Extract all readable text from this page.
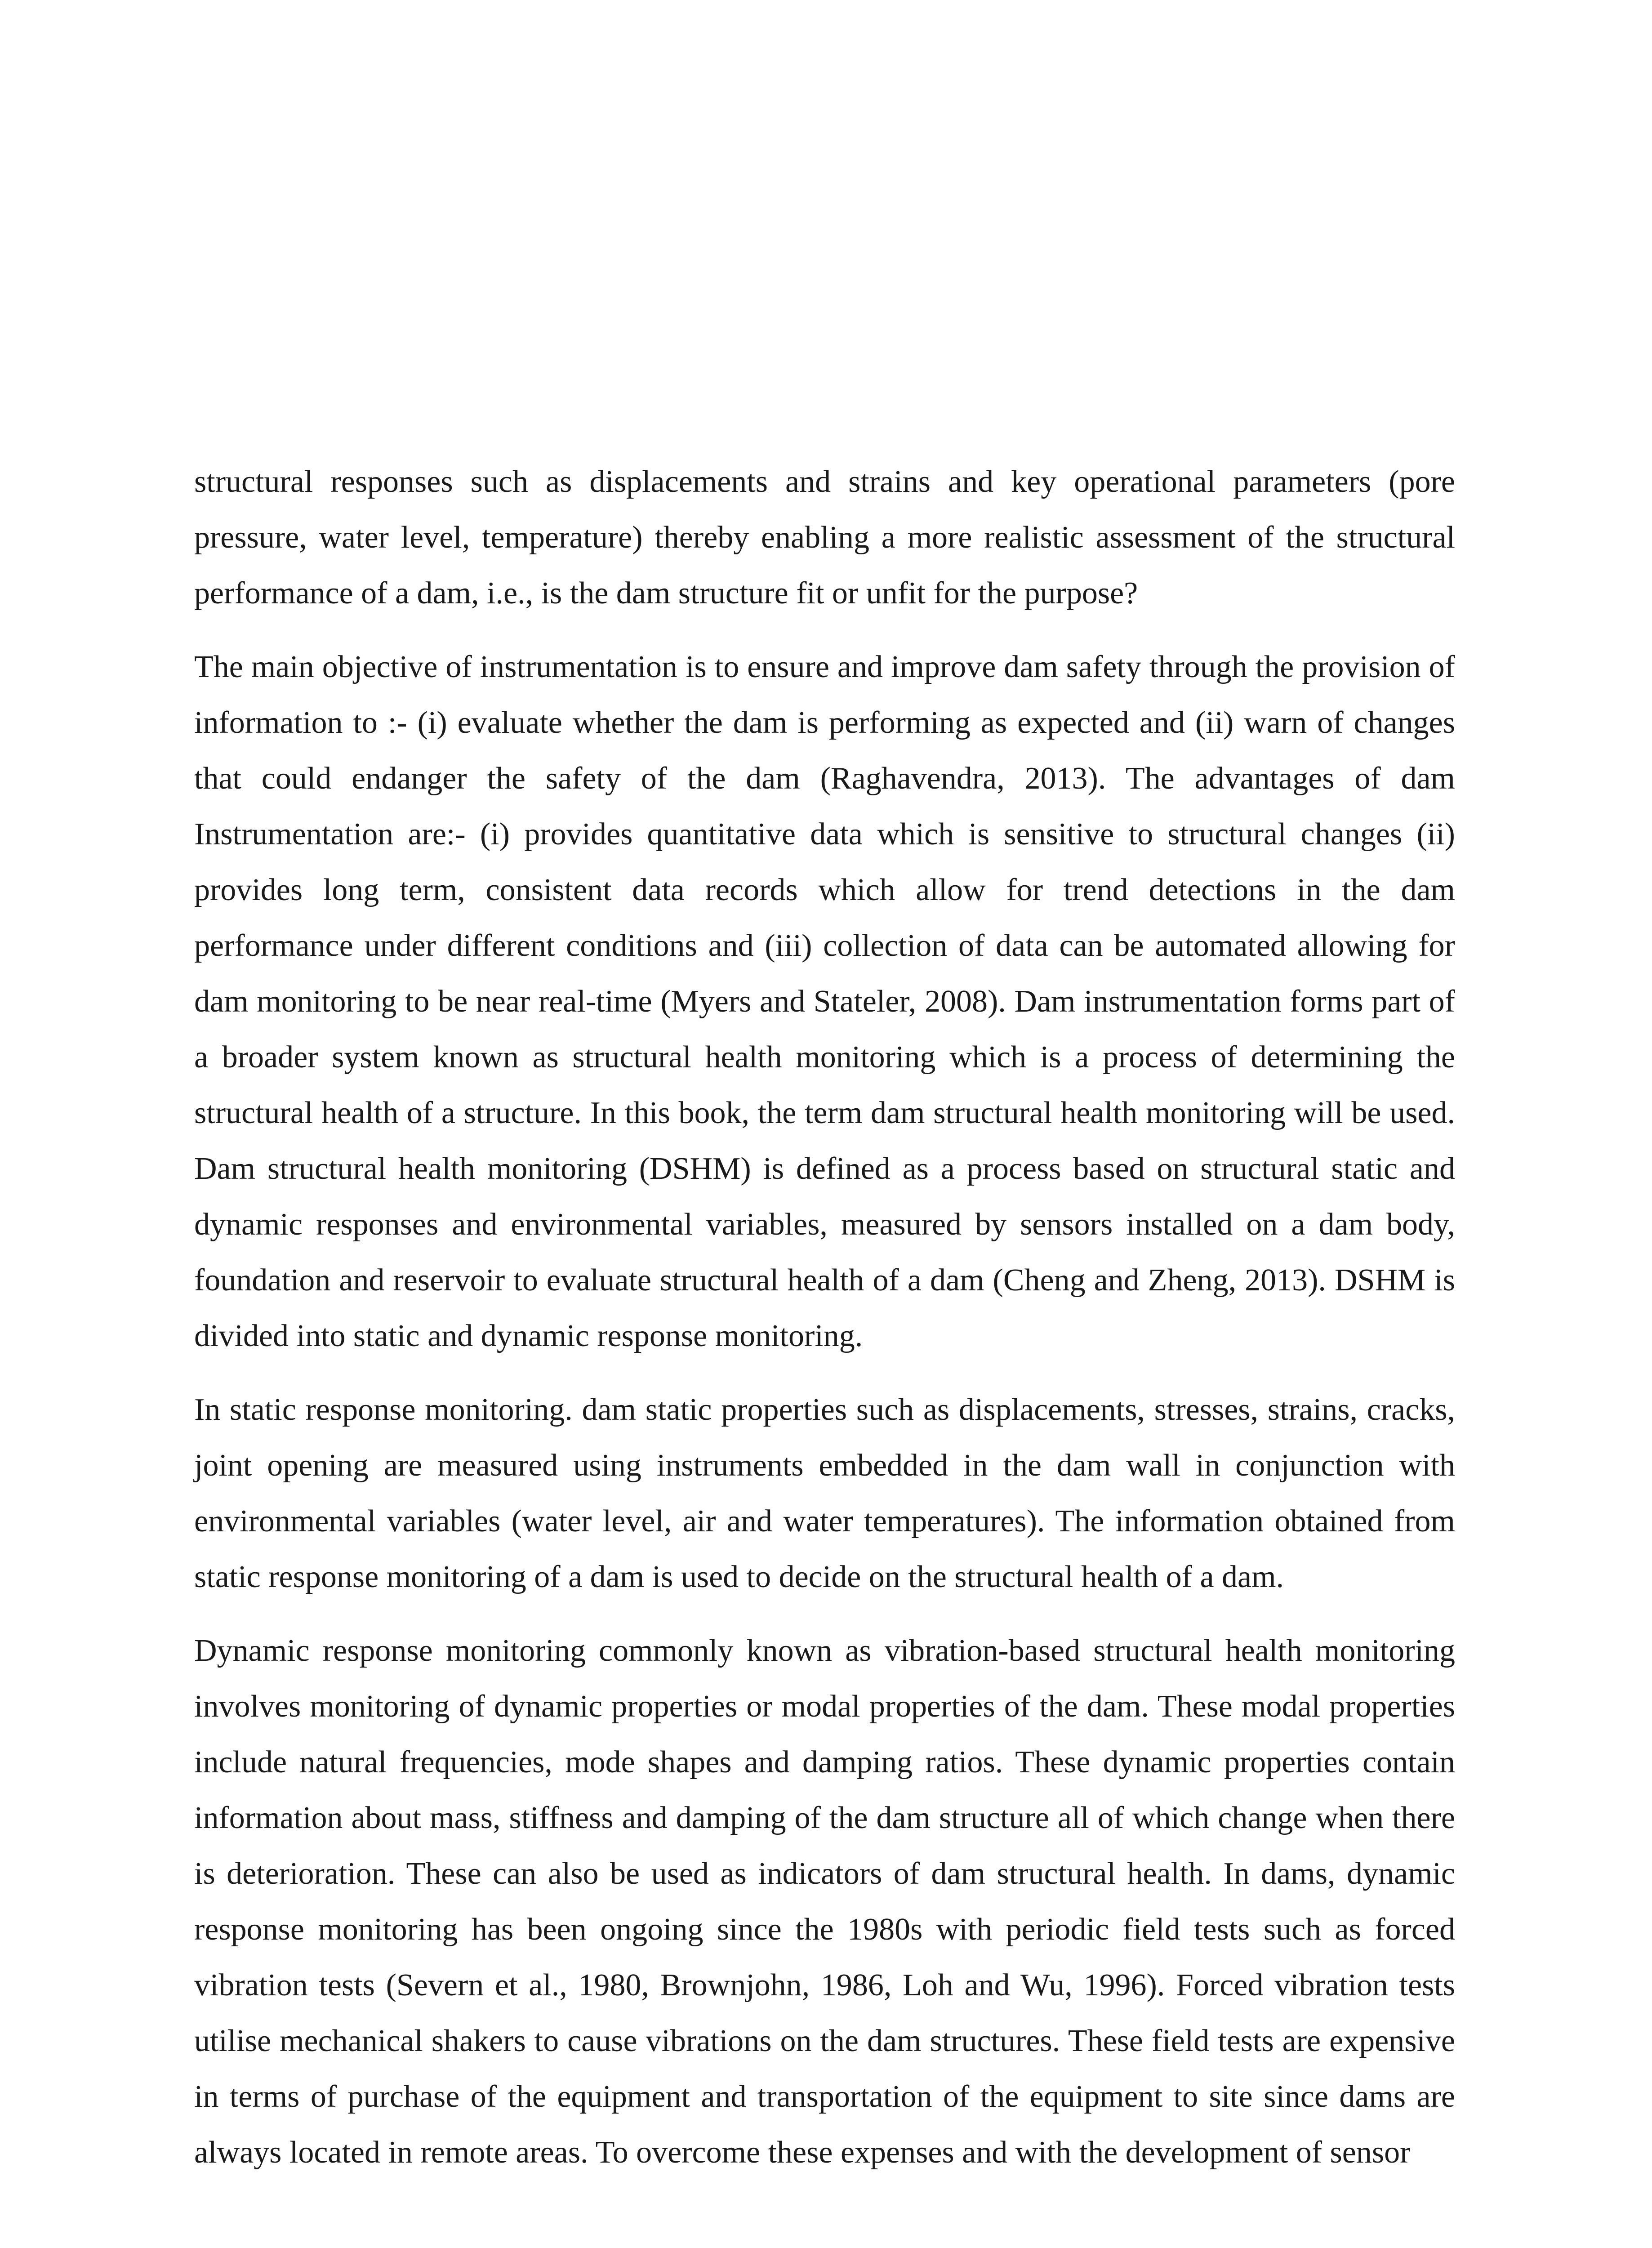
structural responses such as displacements and strains and key operational parameters (pore pressure, water level, temperature) thereby enabling a more realistic assessment of the structural performance of a dam, i.e., is the dam structure fit or unfit for the purpose?

The main objective of instrumentation is to ensure and improve dam safety through the provision of information to :- (i) evaluate whether the dam is performing as expected and (ii) warn of changes that could endanger the safety of the dam (Raghavendra, 2013). The advantages of dam Instrumentation are:- (i) provides quantitative data which is sensitive to structural changes (ii) provides long term, consistent data records which allow for trend detections in the dam performance under different conditions and (iii) collection of data can be automated allowing for dam monitoring to be near real-time (Myers and Stateler, 2008). Dam instrumentation forms part of a broader system known as structural health monitoring which is a process of determining the structural health of a structure. In this book, the term dam structural health monitoring will be used. Dam structural health monitoring (DSHM) is defined as a process based on structural static and dynamic responses and environmental variables, measured by sensors installed on a dam body, foundation and reservoir to evaluate structural health of a dam (Cheng and Zheng, 2013). DSHM is divided into static and dynamic response monitoring.

In static response monitoring. dam static properties such as displacements, stresses, strains, cracks, joint opening are measured using instruments embedded in the dam wall in conjunction with environmental variables (water level, air and water temperatures). The information obtained from static response monitoring of a dam is used to decide on the structural health of a dam.

Dynamic response monitoring commonly known as vibration-based structural health monitoring involves monitoring of dynamic properties or modal properties of the dam. These modal properties include natural frequencies, mode shapes and damping ratios. These dynamic properties contain information about mass, stiffness and damping of the dam structure all of which change when there is deterioration. These can also be used as indicators of dam structural health. In dams, dynamic response monitoring has been ongoing since the 1980s with periodic field tests such as forced vibration tests (Severn et al., 1980, Brownjohn, 1986, Loh and Wu, 1996). Forced vibration tests utilise mechanical shakers to cause vibrations on the dam structures. These field tests are expensive in terms of purchase of the equipment and transportation of the equipment to site since dams are always located in remote areas. To overcome these expenses and with the development of sensor
